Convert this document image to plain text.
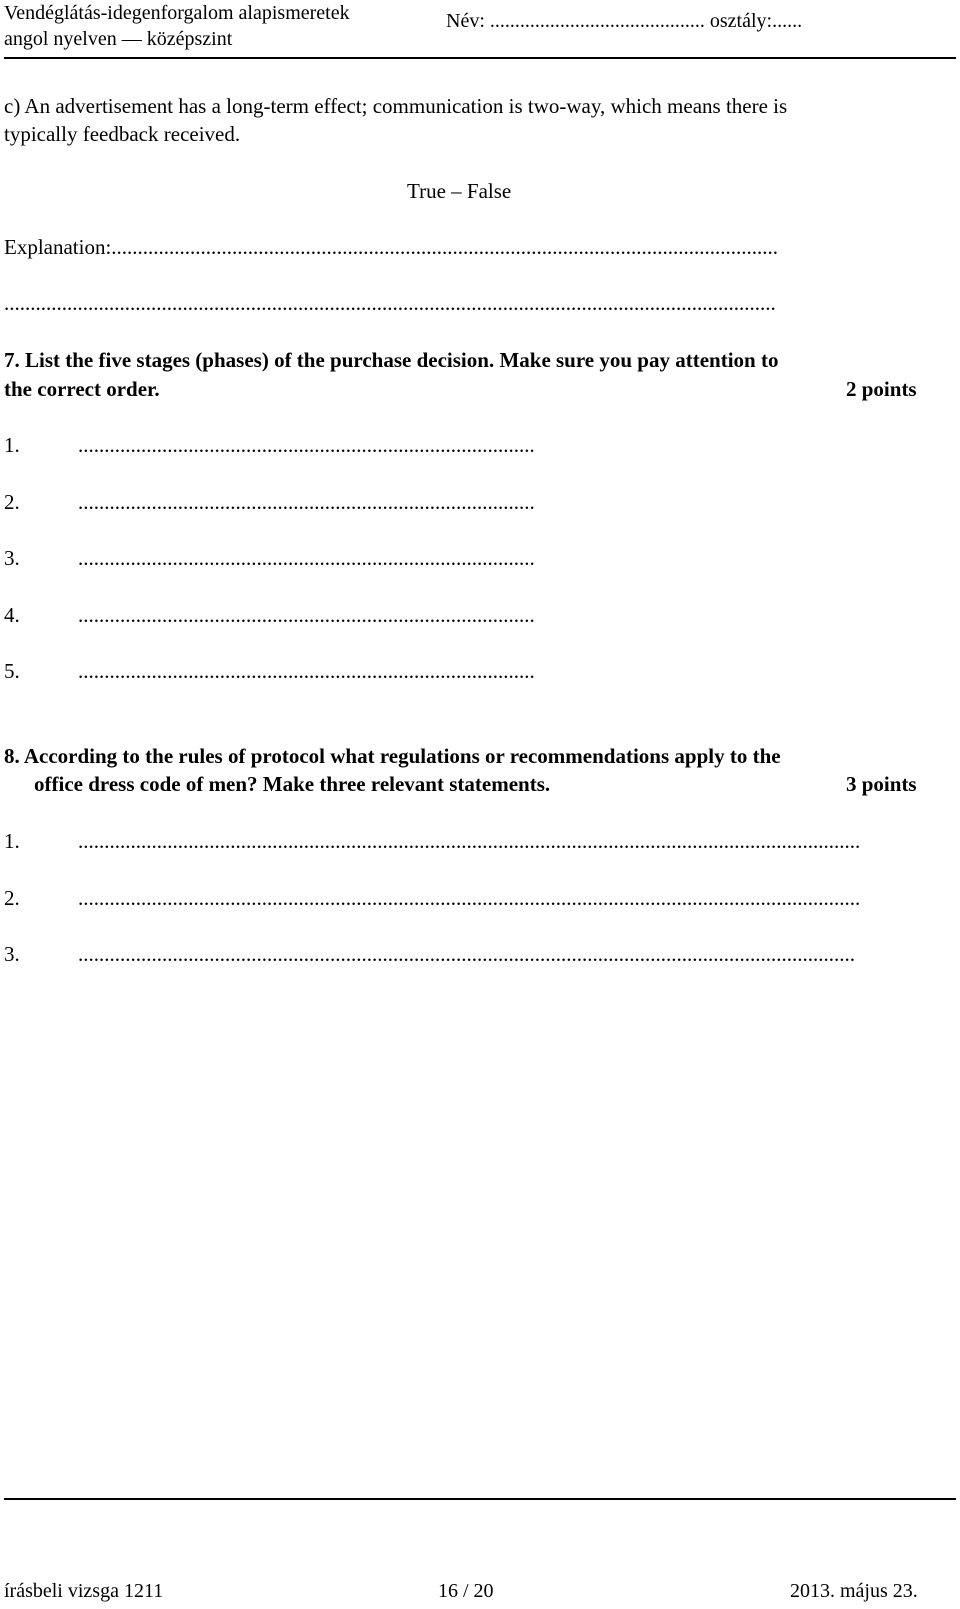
Vendéglátás-idegenforgalom alapismeretek
angol nyelven — középszint
Név: ........................................... osztály:......
c) An advertisement has a long-term effect; communication is two-way, which means there is
typically feedback received.
True – False
Explanation:...............................................................................................................................
...................................................................................................................................................
7. List the five stages (phases) of the purchase decision. Make sure you pay attention to
the correct order.	2 points
1.	.......................................................................................
2.	.......................................................................................
3.	.......................................................................................
4.	.......................................................................................
5.	.......................................................................................
8. According to the rules of protocol what regulations or recommendations apply to the
office dress code of men? Make three relevant statements.	3 points
1.	.....................................................................................................................................................
2.	.....................................................................................................................................................
3.	....................................................................................................................................................
írásbeli vizsga 1211	16 / 20	2013. május 23.
